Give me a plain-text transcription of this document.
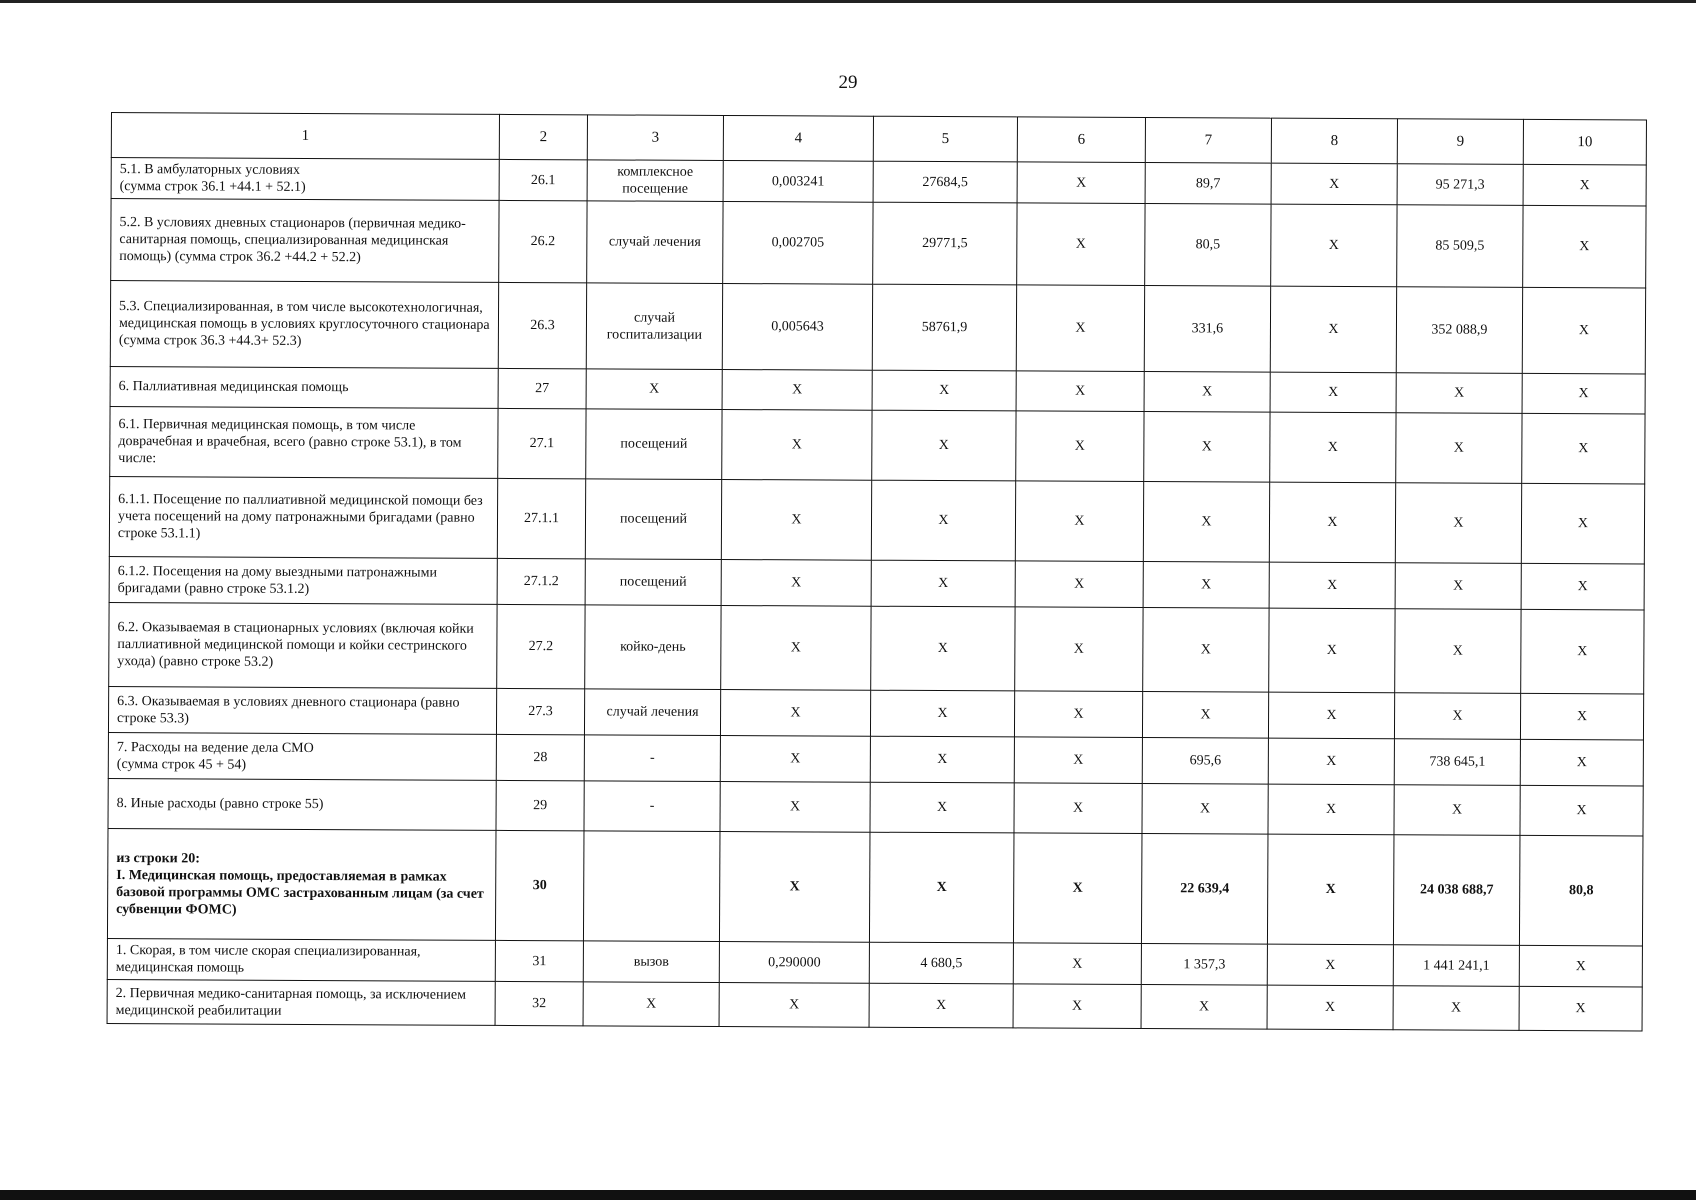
29
1	2	3	4	5	6	7	8	9	10
5.1. В амбулаторных условиях
(сумма строк 36.1 +44.1 + 52.1)	26.1	комплексное посещение	0,003241	27684,5	X	89,7	X	95 271,3	X
5.2. В условиях дневных стационаров (первичная медико-санитарная помощь, специализированная медицинская помощь) (сумма строк 36.2 +44.2 + 52.2)	26.2	случай лечения	0,002705	29771,5	X	80,5	X	85 509,5	X
5.3. Специализированная, в том числе высокотехнологичная, медицинская помощь в условиях круглосуточного стационара
(сумма строк 36.3 +44.3+ 52.3)	26.3	случай госпитализации	0,005643	58761,9	X	331,6	X	352 088,9	X
6. Паллиативная медицинская помощь	27	X	X	X	X	X	X	X	X
6.1. Первичная медицинская помощь, в том числе доврачебная и врачебная, всего (равно строке 53.1), в том числе:	27.1	посещений	X	X	X	X	X	X	X
6.1.1. Посещение по паллиативной медицинской помощи без учета посещений на дому патронажными бригадами (равно строке 53.1.1)	27.1.1	посещений	X	X	X	X	X	X	X
6.1.2. Посещения на дому выездными патронажными бригадами (равно строке 53.1.2)	27.1.2	посещений	X	X	X	X	X	X	X
6.2. Оказываемая в стационарных условиях (включая койки паллиативной медицинской помощи и койки сестринского ухода) (равно строке 53.2)	27.2	койко-день	X	X	X	X	X	X	X
6.3. Оказываемая в условиях дневного стационара (равно строке 53.3)	27.3	случай лечения	X	X	X	X	X	X	X
7. Расходы на ведение дела СМО
(сумма строк 45 + 54)	28	-	X	X	X	695,6	X	738 645,1	X
8. Иные расходы (равно строке 55)	29	-	X	X	X	X	X	X	X
из строки 20:
I. Медицинская помощь, предоставляемая в рамках базовой программы ОМС застрахованным лицам (за счет субвенции ФОМС)	30		X	X	X	22 639,4	X	24 038 688,7	80,8
1. Скорая, в том числе скорая специализированная, медицинская помощь	31	вызов	0,290000	4 680,5	X	1 357,3	X	1 441 241,1	X
2. Первичная медико-санитарная помощь, за исключением медицинской реабилитации	32	X	X	X	X	X	X	X	X
